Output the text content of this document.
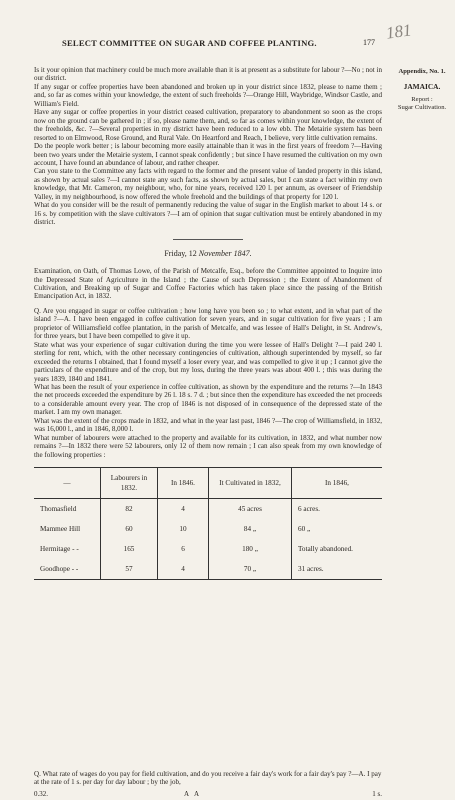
SELECT COMMITTEE ON SUGAR AND COFFEE PLANTING.	177 181
Appendix, No. 1.
JAMAICA.
Report :
Sugar Cultivation.

Is it your opinion that machinery could be much more available than it is at present as a substitute for labour ?—No ; not in our district.

If any sugar or coffee properties have been abandoned and broken up in your district since 1832, please to name them ; and, so far as comes within your knowledge, the extent of such freeholds ?—Orange Hill, Waybridge, Windsor Castle, and William's Field.

Have any sugar or coffee properties in your district ceased cultivation, preparatory to abandonment so soon as the crops now on the ground can be gathered in ; if so, please name them, and, so far as comes within your knowledge, the extent of the freeholds, &c. ?—Several properties in my district have been reduced to a low ebb. The Metairie system has been resorted to on Elmwood, Rose Ground, and Rural Vale. On Heartford and Reach, I believe, very little cultivation remains.

Do the people work better ; is labour becoming more easily attainable than it was in the first years of freedom ?—Having been two years under the Metairie system, I cannot speak confidently ; but since I have resumed the cultivation on my own account, I have found an abundance of labour, and rather cheaper.

Can you state to the Committee any facts with regard to the former and the present value of landed property in this island, as shown by actual sales ?—I cannot state any such facts, as shown by actual sales, but I can state a fact within my own knowledge, that Mr. Cameron, my neighbour, who, for nine years, received 120 l. per annum, as overseer of Friendship Valley, in my neighbourhood, is now offered the whole freehold and the buildings of that property for 120 l.

What do you consider will be the result of permanently reducing the value of sugar in the English market to about 14 s. or 16 s. by competition with the slave cultivators ?—I am of opinion that sugar cultivation must be entirely abandoned in my district.

Friday, 12 November 1847.

Examination, on Oath, of Thomas Lowe, of the Parish of Metcalfe, Esq., before the Committee appointed to Inquire into the Depressed State of Agriculture in the Island ; the Cause of such Depression ; the Extent of Abandonment of Cultivation, and Breaking up of Sugar and Coffee Factories which has taken place since the passing of the British Emancipation Act, in 1832.

Q. Are you engaged in sugar or coffee cultivation ; how long have you been so ; to what extent, and in what part of the island ?—A. I have been engaged in coffee cultivation for seven years, and in sugar cultivation for five years ; I am proprietor of Williamsfield coffee plantation, in the parish of Metcalfe, and was lessee of Hall's Delight, in St. Andrew's, for three years, but I have been compelled to give it up.

State what was your experience of sugar cultivation during the time you were lessee of Hall's Delight ?—I paid 240 l. sterling for rent, which, with the other necessary contingencies of cultivation, although superintended by myself, so far exceeded the returns I obtained, that I found myself a loser every year, and was compelled to give it up ; I cannot give the particulars of the expenditure and of the crop, but my loss, during the three years was about 400 l. ; this was during the years 1839, 1840 and 1841.

What has been the result of your experience in coffee cultivation, as shown by the expenditure and the returns ?—In 1843 the net proceeds exceeded the expenditure by 26 l. 18 s. 7 d. ; but since then the expenditure has exceeded the net proceeds to a considerable amount every year. The crop of 1846 is not disposed of in consequence of the depressed state of the market. I am my own manager.

What was the extent of the crops made in 1832, and what in the year last past, 1846 ?—The crop of Williamsfield, in 1832, was 16,000 l., and in 1846, 8,000 l.

What number of labourers were attached to the property and available for its cultivation, in 1832, and what number now remains ?—In 1832 there were 52 labourers, only 12 of them now remain ; I can also speak from my own knowledge of the following properties :

—	Labourers in 1832.	In 1846.	It Cultivated in 1832,	In 1846,
Thomasfield	82	4	45 acres	6 acres.
Mammee Hill	60	10	84 „	60 „
Hermitage - -	165	6	180 „	Totally abandoned.
Goodhope - -	57	4	70 „	31 acres.

Q. What rate of wages do you pay for field cultivation, and do you receive a fair day's work for a fair day's pay ?—A. I pay at the rate of 1 s. per day for day labour ; by the job,

0.32.	A A	1 s.
